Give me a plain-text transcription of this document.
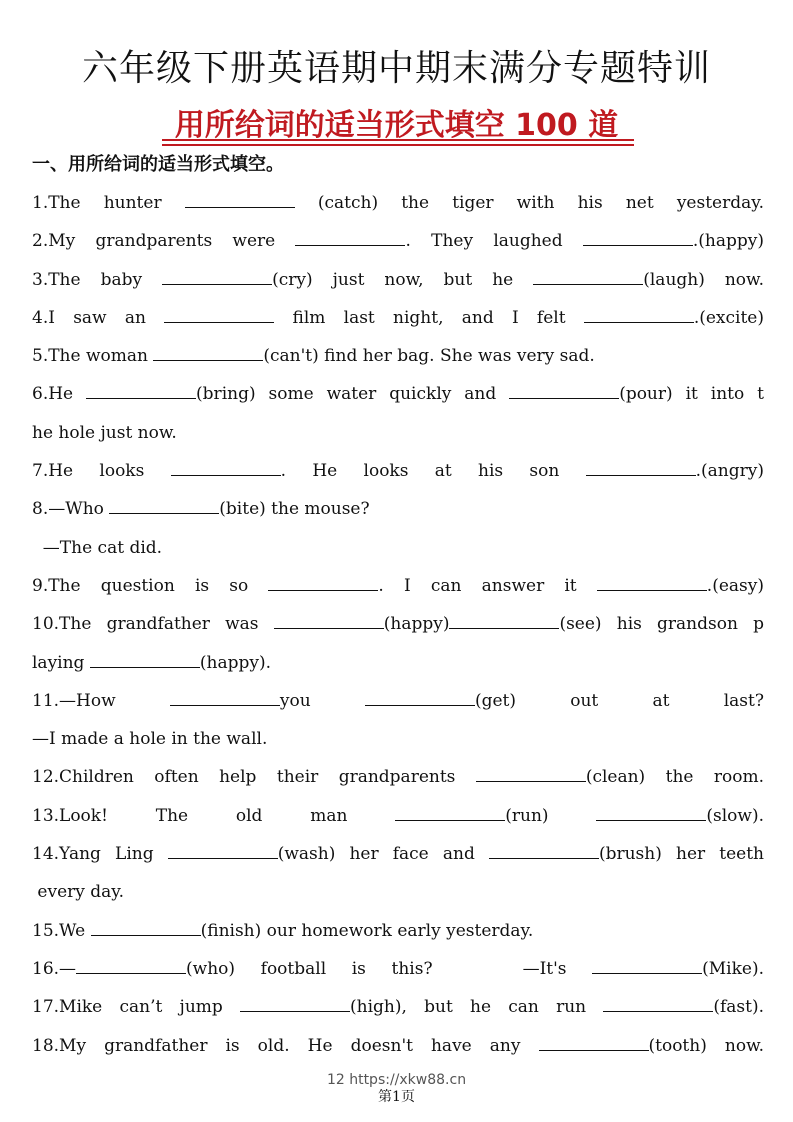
六年级下册英语期中期末满分专题特训
用所给词的适当形式填空 100 道
一、用所给词的适当形式填空。
1.The hunter	(catch) the tiger with his net yesterday.
2.My grandparents were	. They laughed	.(happy)
3.The baby	(cry) just now, but he	(laugh) now.
4.I saw an	film last night, and I felt	.(excite)
5.The woman	(can't) find her bag. She was very sad.
6.He	(bring) some water quickly and	(pour) it into t
he hole just now.
7.He looks	. He looks at his son	.(angry)
8.—Who	(bite) the mouse?
—The cat did.
9.The question is so	. I can answer it	.(easy)
10.The grandfather was	(happy)	(see) his grandson p
laying	(happy).
11.—How	you	(get) out at last?
—I made a hole in the wall.
12.Children often help their grandparents	(clean) the room.
13.Look! The old man	(run)	(slow).
14.Yang Ling	(wash) her face and	(brush) her teeth
every day.
15.We	(finish) our homework early yesterday.
16.—	(who) football is this?	—It's	(Mike).
17.Mike can’t jump	(high), but he can run	(fast).
18.My grandfather is old. He doesn't have any	(tooth) now.
12 https://xkw88.cn
第1页
